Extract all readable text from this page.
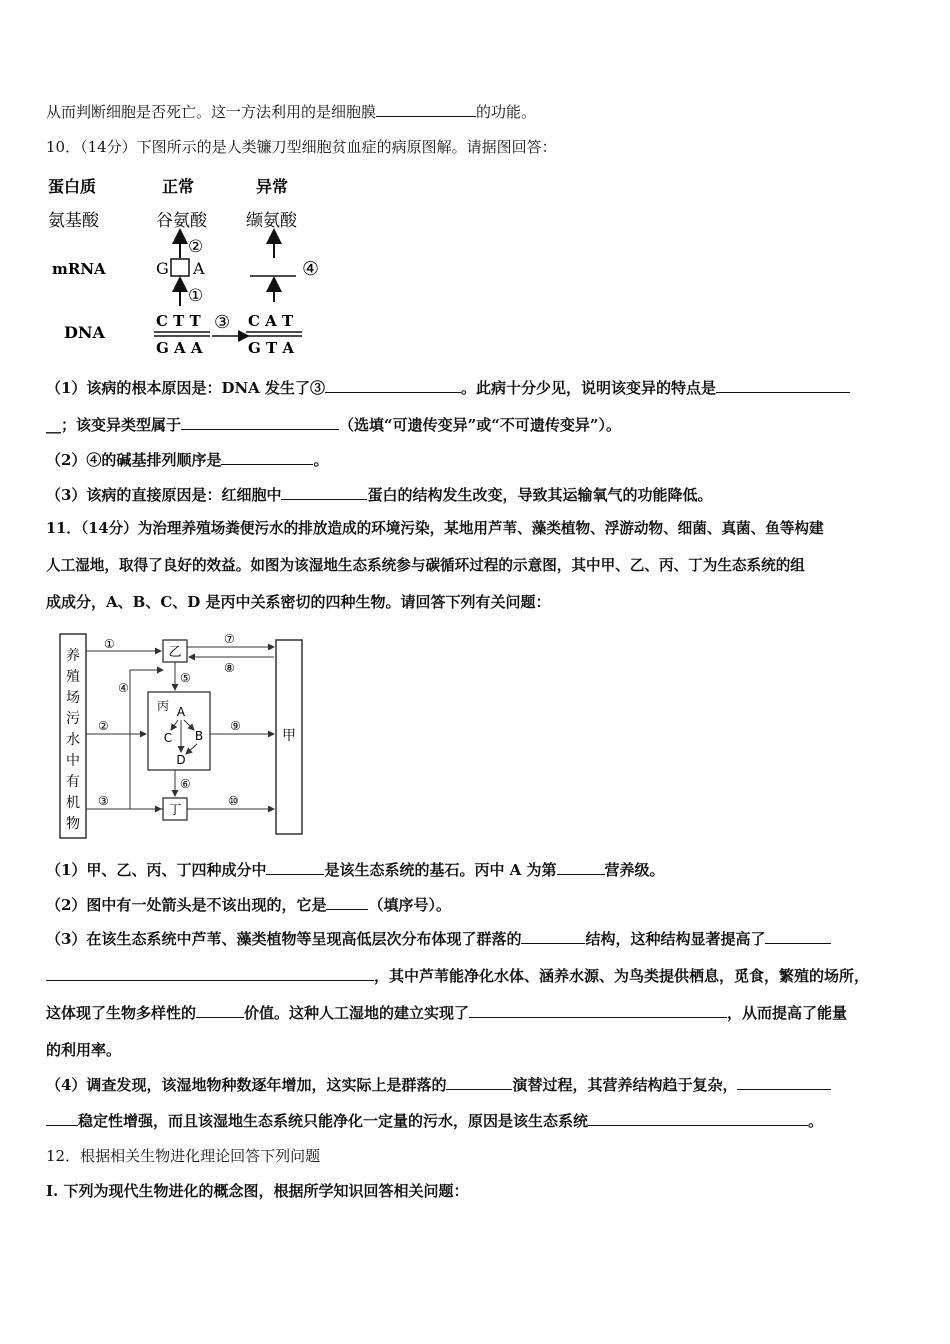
从而判断细胞是否死亡。这一方法利用的是细胞膜	的功能。
10．（14分）下图所示的是人类镰刀型细胞贫血症的病原图解。请据图回答：
蛋白质	正常	异常
氨基酸	谷氨酸 缬氨酸
②
mRNA	G A	④
①
DNA
C T T
G A A
③ C A T
G T A
（1）该病的根本原因是：DNA 发生了③	。此病十分少见，说明该变异的特点是
__；该变异类型属于	（选填“可遗传变异”或“不可遗传变异”）。
（2）④的碱基排列顺序是	。
（3）该病的直接原因是：红细胞中	蛋白的结构发生改变，导致其运输氧气的功能降低。
11．（14分）为治理养殖场粪便污水的排放造成的环境污染，某地用芦苇、藻类植物、浮游动物、细菌、真菌、鱼等构建
人工湿地，取得了良好的效益。如图为该湿地生态系统参与碳循环过程的示意图，其中甲、乙、丙、丁为生态系统的组
成成分，A、B、C、D 是丙中关系密切的四种生物。请回答下列有关问题：
养
殖
场
污
水
中
有
机
物
甲
乙
丙 A
C B
D
丁
①
②
③
④
⑤
⑥
⑦
⑧
⑨
⑩
（1）甲、乙、丙、丁四种成分中	是该生态系统的基石。丙中 A 为第	营养级。
（2）图中有一处箭头是不该出现的，它是	（填序号）。
（3）在该生态系统中芦苇、藻类植物等呈现高低层次分布体现了群落的	结构，这种结构显著提高了
，其中芦苇能净化水体、涵养水源、为鸟类提供栖息，觅食，繁殖的场所，
这体现了生物多样性的	价值。这种人工湿地的建立实现了	，从而提高了能量
的利用率。
（4）调查发现，该湿地物种数逐年增加，这实际上是群落的	演替过程，其营养结构趋于复杂，
稳定性增强，而且该湿地生态系统只能净化一定量的污水，原因是该生态系统	。
12．根据相关生物进化理论回答下列问题
I. 下列为现代生物进化的概念图，根据所学知识回答相关问题：
